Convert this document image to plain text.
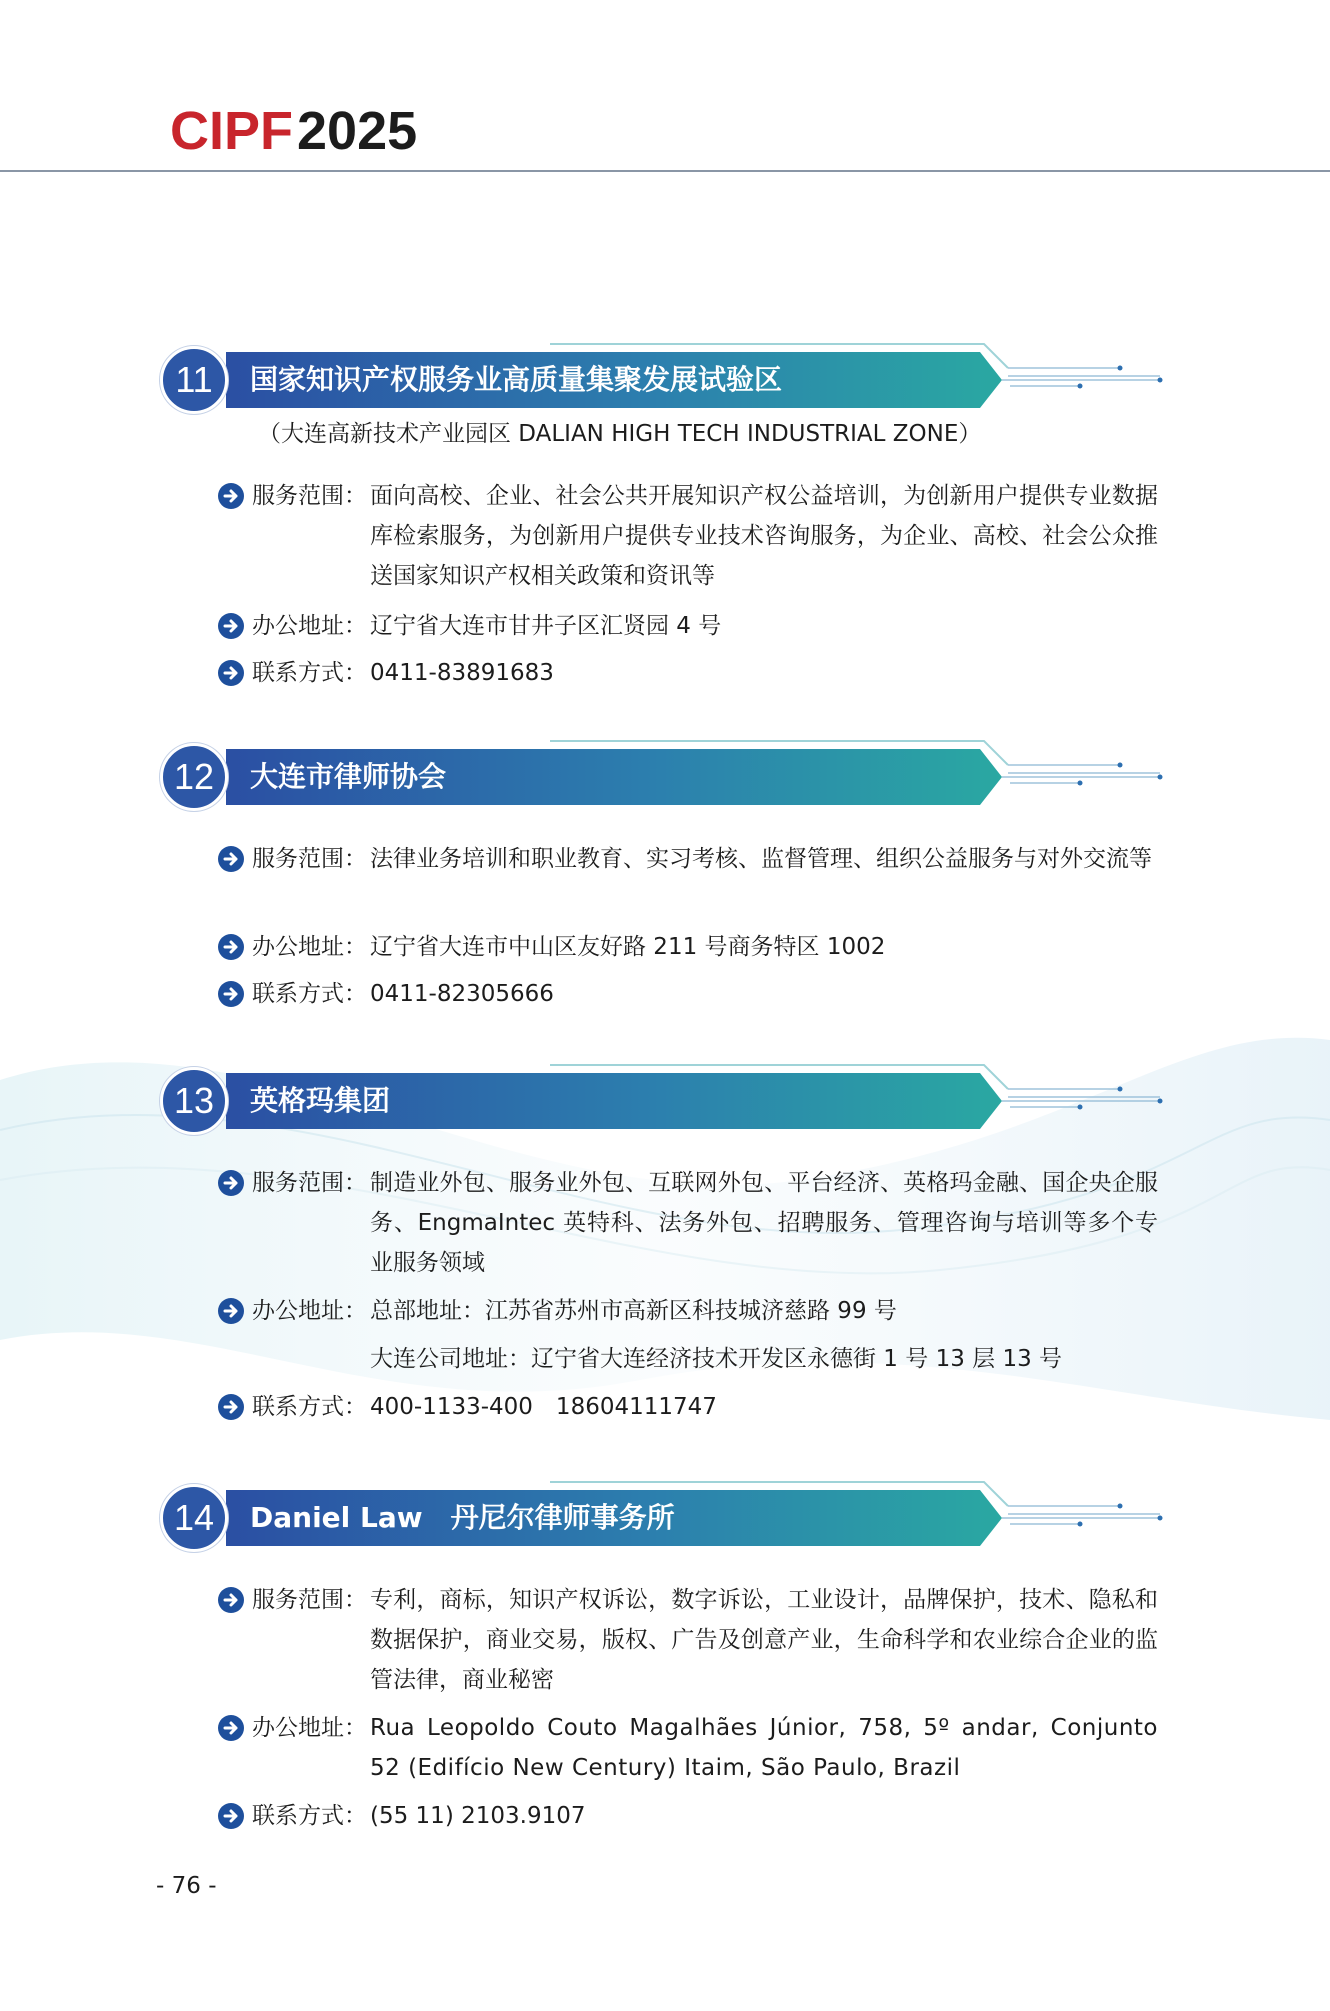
CIPF2025
11	国家知识产权服务业高质量集聚发展试验区
（大连高新技术产业园区 DALIAN HIGH TECH INDUSTRIAL ZONE）
服务范围： 面向高校、企业、社会公共开展知识产权公益培训，为创新用户提供专业数据库检索服务，为创新用户提供专业技术咨询服务，为企业、高校、社会公众推送国家知识产权相关政策和资讯等
办公地址： 辽宁省大连市甘井子区汇贤园 4 号
联系方式： 0411-83891683
12	大连市律师协会
服务范围： 法律业务培训和职业教育、实习考核、监督管理、组织公益服务与对外交流等
办公地址： 辽宁省大连市中山区友好路 211 号商务特区 1002
联系方式： 0411-82305666
13	英格玛集团
服务范围： 制造业外包、服务业外包、互联网外包、平台经济、英格玛金融、国企央企服务、EngmaIntec 英特科、法务外包、招聘服务、管理咨询与培训等多个专业服务领域
办公地址： 总部地址：江苏省苏州市高新区科技城济慈路 99 号
大连公司地址：辽宁省大连经济技术开发区永德街 1 号 13 层 13 号
联系方式： 400-1133-400　18604111747
14	Daniel Law　丹尼尔律师事务所
服务范围： 专利，商标，知识产权诉讼，数字诉讼，工业设计，品牌保护，技术、隐私和数据保护，商业交易，版权、广告及创意产业，生命科学和农业综合企业的监管法律，商业秘密
办公地址： Rua Leopoldo Couto Magalhães Júnior, 758, 5º andar, Conjunto 52 (Edifício New Century) Itaim, São Paulo, Brazil
联系方式： (55 11) 2103.9107
- 76 -
